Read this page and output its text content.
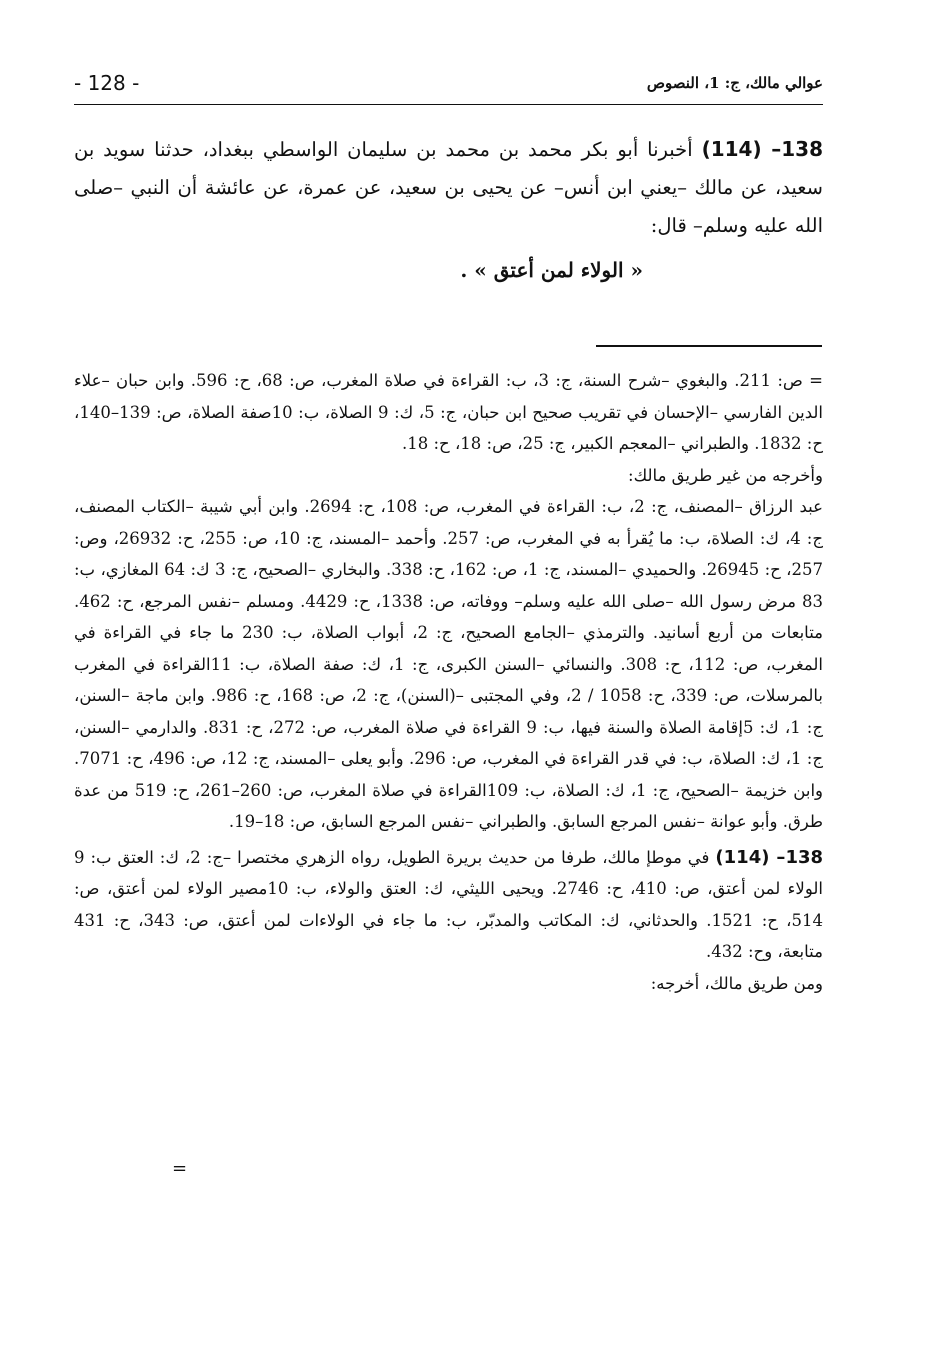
عوالي مالك، ج: 1، النصوص
- 128 -

138– (114) أخبرنا أبو بكر محمد بن محمد بن سليمان الواسطي ببغداد، حدثنا سويد بن سعيد، عن مالك –يعني ابن أنس– عن يحيى بن سعيد، عن عمرة، عن عائشة أن النبي –صلى الله عليه وسلم– قال:

« الولاء لمن أعتق » .

= ص: 211. والبغوي –شرح السنة، ج: 3، ب: القراءة في صلاة المغرب، ص: 68، ح: 596. وابن حبان –علاء الدين الفارسي –الإحسان في تقريب صحيح ابن حبان، ج: 5، ك: 9 الصلاة، ب: 10صفة الصلاة، ص: 139–140، ح: 1832. والطبراني –المعجم الكبير، ج: 25، ص: 18، ح: 18.

وأخرجه من غير طريق مالك:

عبد الرزاق –المصنف، ج: 2، ب: القراءة في المغرب، ص: 108، ح: 2694. وابن أبي شيبة –الكتاب المصنف، ج: 4، ك: الصلاة، ب: ما يُقرأ به في المغرب، ص: 257. وأحمد –المسند، ج: 10، ص: 255، ح: 26932، وص: 257، ح: 26945. والحميدي –المسند، ج: 1، ص: 162، ح: 338. والبخاري –الصحيح، ج: 3 ك: 64 المغازي، ب: 83 مرض رسول الله –صلى الله عليه وسلم– ووفاته، ص: 1338، ح: 4429. ومسلم –نفس المرجع، ح: 462. متابعات من أربع أسانيد. والترمذي –الجامع الصحيح، ج: 2، أبواب الصلاة، ب: 230 ما جاء في القراءة في المغرب، ص: 112، ح: 308. والنسائي –السنن الكبرى، ج: 1، ك: صفة الصلاة، ب: 11القراءة في المغرب بالمرسلات، ص: 339، ح: 1058 / 2، وفي المجتبى –(السنن)، ج: 2، ص: 168، ح: 986. وابن ماجة –السنن، ج: 1، ك: 5إقامة الصلاة والسنة فيها، ب: 9 القراءة في صلاة المغرب، ص: 272، ح: 831. والدارمي –السنن، ج: 1، ك: الصلاة، ب: في قدر القراءة في المغرب، ص: 296. وأبو يعلى –المسند، ج: 12، ص: 496، ح: 7071. وابن خزيمة –الصحيح، ج: 1، ك: الصلاة، ب: 109القراءة في صلاة المغرب، ص: 260–261، ح: 519 من عدة طرق. وأبو عوانة –نفس المرجع السابق. والطبراني –نفس المرجع السابق، ص: 18–19.

138– (114) في موطإ مالك، طرفا من حديث بريرة الطويل، رواه الزهري مختصرا –ج: 2، ك: العتق ب: 9 الولاء لمن أعتق، ص: 410، ح: 2746. ويحيى الليثي، ك: العتق والولاء، ب: 10مصير الولاء لمن أعتق، ص: 514، ح: 1521. والحدثاني، ك: المكاتب والمدبّر، ب: ما جاء في الولاءات لمن أعتق، ص: 343، ح: 431 متابعة، وح: 432.

ومن طريق مالك، أخرجه:

=
